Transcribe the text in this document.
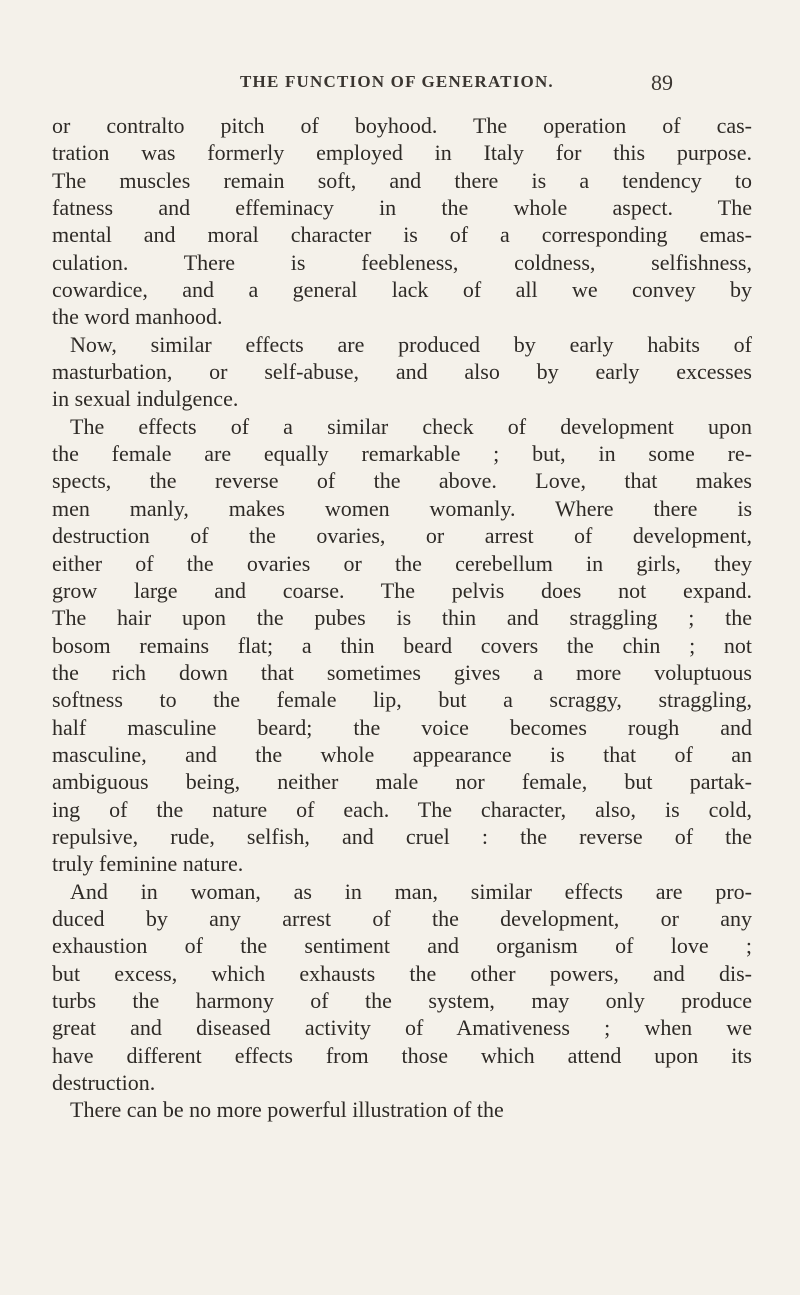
THE FUNCTION OF GENERATION.	89
or contralto pitch of boyhood. The operation of cas-
tration was formerly employed in Italy for this purpose.
The muscles remain soft, and there is a tendency to
fatness and effeminacy in the whole aspect. The
mental and moral character is of a corresponding emas-
culation. There is feebleness, coldness, selfishness,
cowardice, and a general lack of all we convey by
the word manhood.
Now, similar effects are produced by early habits of
masturbation, or self-abuse, and also by early excesses
in sexual indulgence.
The effects of a similar check of development upon
the female are equally remarkable ; but, in some re-
spects, the reverse of the above. Love, that makes
men manly, makes women womanly. Where there is
destruction of the ovaries, or arrest of development,
either of the ovaries or the cerebellum in girls, they
grow large and coarse. The pelvis does not expand.
The hair upon the pubes is thin and straggling ; the
bosom remains flat; a thin beard covers the chin ; not
the rich down that sometimes gives a more voluptuous
softness to the female lip, but a scraggy, straggling,
half masculine beard; the voice becomes rough and
masculine, and the whole appearance is that of an
ambiguous being, neither male nor female, but partak-
ing of the nature of each. The character, also, is cold,
repulsive, rude, selfish, and cruel : the reverse of the
truly feminine nature.
And in woman, as in man, similar effects are pro-
duced by any arrest of the development, or any
exhaustion of the sentiment and organism of love ;
but excess, which exhausts the other powers, and dis-
turbs the harmony of the system, may only produce
great and diseased activity of Amativeness ; when we
have different effects from those which attend upon its
destruction.
There can be no more powerful illustration of the
